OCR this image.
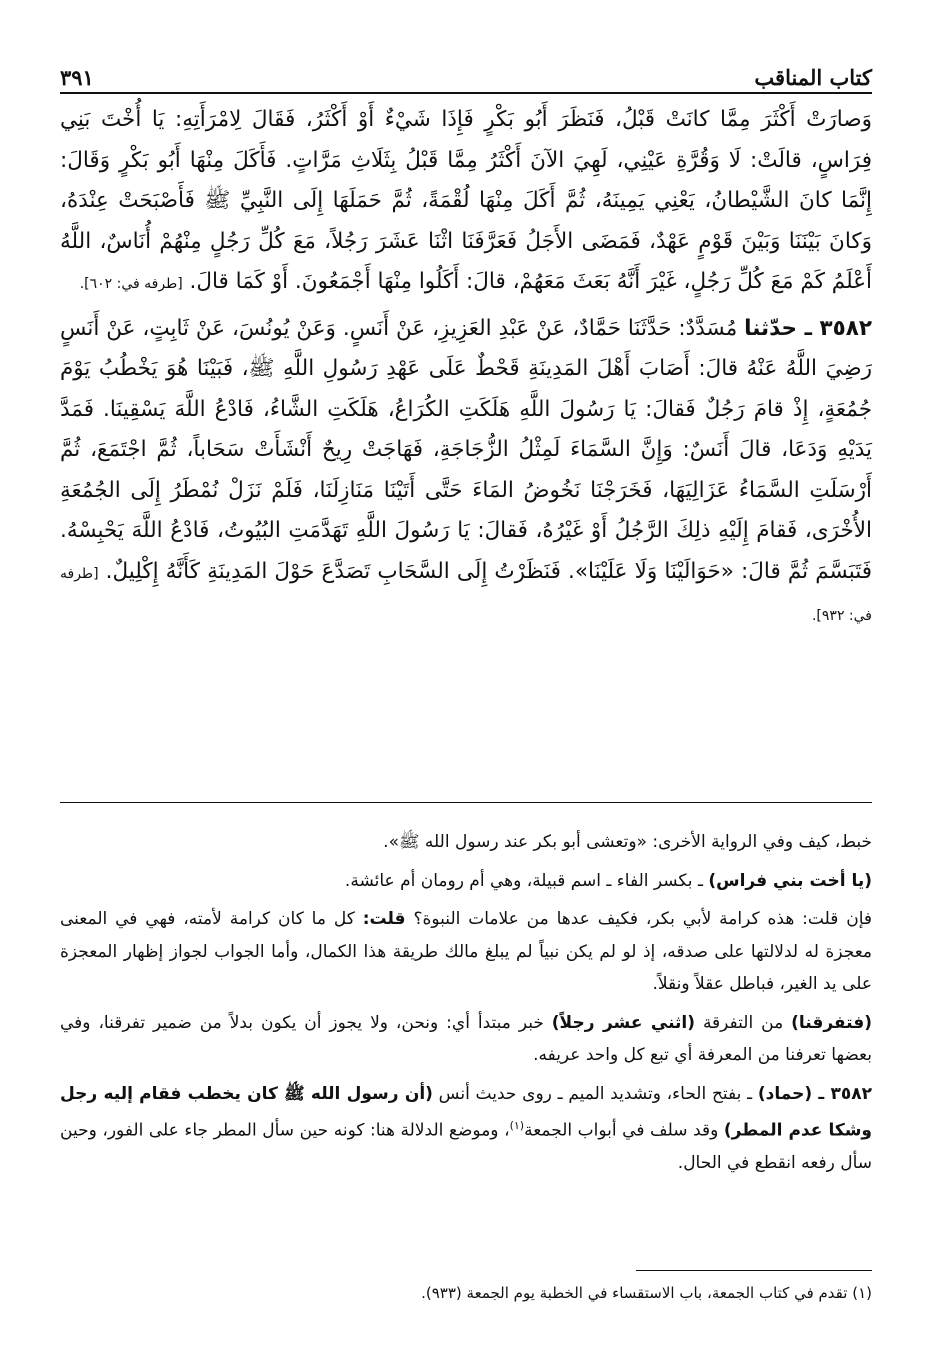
كتاب المناقب
٣٩١

وَصارَتْ أَكْثَرَ مِمَّا كانَتْ قَبْلُ، فَنَظَرَ أَبُو بَكْرٍ فَإِذَا شَيْءٌ أَوْ أَكْثَرُ، فَقَالَ لِامْرَأَتِهِ: يَا أُخْتَ بَنِي فِرَاسٍ، قالَتْ: لَا وَقُرَّةِ عَيْنِي، لَهِيَ الآنَ أَكْثَرُ مِمَّا قَبْلُ بِثَلَاثِ مَرَّاتٍ. فَأَكَلَ مِنْهَا أَبُو بَكْرٍ وَقَالَ: إِنَّمَا كانَ الشَّيْطانُ، يَعْنِي يَمِينَهُ، ثُمَّ أَكَلَ مِنْهَا لُقْمَةً، ثُمَّ حَمَلَهَا إِلَى النَّبِيِّ ﷺ فَأَصْبَحَتْ عِنْدَهُ، وَكانَ بَيْنَنَا وَبَيْنَ قَوْمٍ عَهْدٌ، فَمَضَى الأَجَلُ فَعَرَّفَنَا اثْنَا عَشَرَ رَجُلاً، مَعَ كُلِّ رَجُلٍ مِنْهُمْ أُنَاسٌ، اللَّهُ أَعْلَمُ كَمْ مَعَ كُلِّ رَجُلٍ، غَيْرَ أَنَّهُ بَعَثَ مَعَهُمْ، قالَ: أَكَلُوا مِنْهَا أَجْمَعُونَ. أَوْ كَمَا قالَ. [طرفه في: ٦٠٢].

٣٥٨٢ ـ حدّثنا مُسَدَّدٌ: حَدَّثَنَا حَمَّادٌ، عَنْ عَبْدِ العَزِيزِ، عَنْ أَنَسٍ. وَعَنْ يُونُسَ، عَنْ ثَابِتٍ، عَنْ أَنَسٍ رَضِيَ اللَّهُ عَنْهُ قالَ: أَصَابَ أَهْلَ المَدِينَةِ قَحْطٌ عَلَى عَهْدِ رَسُولِ اللَّهِ ﷺ، فَبَيْنَا هُوَ يَخْطُبُ يَوْمَ جُمُعَةٍ، إِذْ قامَ رَجُلٌ فَقالَ: يَا رَسُولَ اللَّهِ هَلَكَتِ الكُرَاعُ، هَلَكَتِ الشَّاءُ، فَادْعُ اللَّهَ يَسْقِينَا. فَمَدَّ يَدَيْهِ وَدَعَا، قالَ أَنَسٌ: وَإِنَّ السَّمَاءَ لَمِثْلُ الزُّجَاجَةِ، فَهَاجَتْ رِيحٌ أَنْشَأَتْ سَحَاباً، ثُمَّ اجْتَمَعَ، ثُمَّ أَرْسَلَتِ السَّمَاءُ عَزَالِيَهَا، فَخَرَجْنَا نَخُوضُ المَاءَ حَتَّى أَتَيْنَا مَنَازِلَنَا، فَلَمْ نَزَلْ نُمْطَرُ إِلَى الجُمُعَةِ الأُخْرَى، فَقامَ إِلَيْهِ ذلِكَ الرَّجُلُ أَوْ غَيْرُهُ، فَقالَ: يَا رَسُولَ اللَّهِ تَهَدَّمَتِ البُيُوتُ، فَادْعُ اللَّهَ يَحْبِسْهُ. فَتَبَسَّمَ ثُمَّ قالَ: «حَوَالَيْنَا وَلَا عَلَيْنَا». فَنَظَرْتُ إِلَى السَّحَابِ تَصَدَّعَ حَوْلَ المَدِينَةِ كَأَنَّهُ إِكْلِيلٌ. [طرفه في: ٩٣٢].

خبط، كيف وفي الرواية الأخرى: «وتعشى أبو بكر عند رسول الله ﷺ».

(يا أخت بني فراس) ـ بكسر الفاء ـ اسم قبيلة، وهي أم رومان أم عائشة.

فإن قلت: هذه كرامة لأبي بكر، فكيف عدها من علامات النبوة؟ قلت: كل ما كان كرامة لأمته، فهي في المعنى معجزة له لدلالتها على صدقه، إذ لو لم يكن نبياً لم يبلغ مالك طريقة هذا الكمال، وأما الجواب لجواز إظهار المعجزة على يد الغير، فباطل عقلاً ونقلاً.

(فتفرقنا) من التفرقة (اثني عشر رجلاً) خبر مبتدأ أي: ونحن، ولا يجوز أن يكون بدلاً من ضمير تفرقنا، وفي بعضها تعرفنا من المعرفة أي تبع كل واحد عريفه.

٣٥٨٢ ـ (حماد) ـ بفتح الحاء، وتشديد الميم ـ روى حديث أنس (أن رسول الله ﷺ كان يخطب فقام إليه رجل وشكا عدم المطر) وقد سلف في أبواب الجمعة$^{(١)}$، وموضع الدلالة هنا: كونه حين سأل المطر جاء على الفور، وحين سأل رفعه انقطع في الحال.

(١) تقدم في كتاب الجمعة، باب الاستقساء في الخطبة يوم الجمعة (٩٣٣).
